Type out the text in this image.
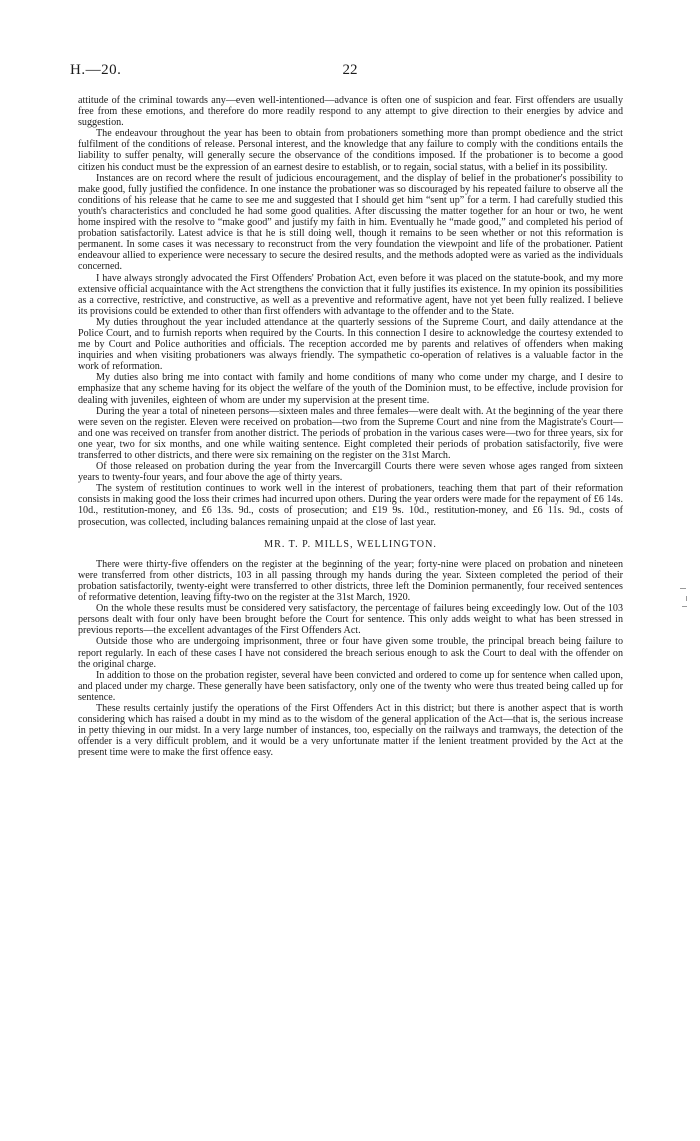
H.—20.	22

attitude of the criminal towards any—even well-intentioned—advance is often one of suspicion and fear. First offenders are usually free from these emotions, and therefore do more readily respond to any attempt to give direction to their energies by advice and suggestion.

The endeavour throughout the year has been to obtain from probationers something more than prompt obedience and the strict fulfilment of the conditions of release. Personal interest, and the knowledge that any failure to comply with the conditions entails the liability to suffer penalty, will generally secure the observance of the conditions imposed. If the probationer is to become a good citizen his conduct must be the expression of an earnest desire to establish, or to regain, social status, with a belief in its possibility.

Instances are on record where the result of judicious encouragement, and the display of belief in the probationer's possibility to make good, fully justified the confidence. In one instance the probationer was so discouraged by his repeated failure to observe all the conditions of his release that he came to see me and suggested that I should get him “sent up” for a term. I had carefully studied this youth's characteristics and concluded he had some good qualities. After discussing the matter together for an hour or two, he went home inspired with the resolve to “make good” and justify my faith in him. Eventually he “made good,” and completed his period of probation satisfactorily. Latest advice is that he is still doing well, though it remains to be seen whether or not this reformation is permanent. In some cases it was necessary to reconstruct from the very foundation the viewpoint and life of the probationer. Patient endeavour allied to experience were necessary to secure the desired results, and the methods adopted were as varied as the individuals concerned.

I have always strongly advocated the First Offenders' Probation Act, even before it was placed on the statute-book, and my more extensive official acquaintance with the Act strengthens the conviction that it fully justifies its existence. In my opinion its possibilities as a corrective, restrictive, and constructive, as well as a preventive and reformative agent, have not yet been fully realized. I believe its provisions could be extended to other than first offenders with advantage to the offender and to the State.

My duties throughout the year included attendance at the quarterly sessions of the Supreme Court, and daily attendance at the Police Court, and to furnish reports when required by the Courts. In this connection I desire to acknowledge the courtesy extended to me by Court and Police authorities and officials. The reception accorded me by parents and relatives of offenders when making inquiries and when visiting probationers was always friendly. The sympathetic co-operation of relatives is a valuable factor in the work of reformation.

My duties also bring me into contact with family and home conditions of many who come under my charge, and I desire to emphasize that any scheme having for its object the welfare of the youth of the Dominion must, to be effective, include provision for dealing with juveniles, eighteen of whom are under my supervision at the present time.

During the year a total of nineteen persons—sixteen males and three females—were dealt with. At the beginning of the year there were seven on the register. Eleven were received on probation—two from the Supreme Court and nine from the Magistrate's Court—and one was received on transfer from another district. The periods of probation in the various cases were—two for three years, six for one year, two for six months, and one while waiting sentence. Eight completed their periods of probation satisfactorily, five were transferred to other districts, and there were six remaining on the register on the 31st March.

Of those released on probation during the year from the Invercargill Courts there were seven whose ages ranged from sixteen years to twenty-four years, and four above the age of thirty years.

The system of restitution continues to work well in the interest of probationers, teaching them that part of their reformation consists in making good the loss their crimes had incurred upon others. During the year orders were made for the repayment of £6 14s. 10d., restitution-money, and £6 13s. 9d., costs of prosecution; and £19 9s. 10d., restitution-money, and £6 11s. 9d., costs of prosecution, was collected, including balances remaining unpaid at the close of last year.

MR. T. P. MILLS, WELLINGTON.

There were thirty-five offenders on the register at the beginning of the year; forty-nine were placed on probation and nineteen were transferred from other districts, 103 in all passing through my hands during the year. Sixteen completed the period of their probation satisfactorily, twenty-eight were transferred to other districts, three left the Dominion permanently, four received sentences of reformative detention, leaving fifty-two on the register at the 31st March, 1920.

On the whole these results must be considered very satisfactory, the percentage of failures being exceedingly low. Out of the 103 persons dealt with four only have been brought before the Court for sentence. This only adds weight to what has been stressed in previous reports—the excellent advantages of the First Offenders Act.

Outside those who are undergoing imprisonment, three or four have given some trouble, the principal breach being failure to report regularly. In each of these cases I have not considered the breach serious enough to ask the Court to deal with the offender on the original charge.

In addition to those on the probation register, several have been convicted and ordered to come up for sentence when called upon, and placed under my charge. These generally have been satisfactory, only one of the twenty who were thus treated being called up for sentence.

These results certainly justify the operations of the First Offenders Act in this district; but there is another aspect that is worth considering which has raised a doubt in my mind as to the wisdom of the general application of the Act—that is, the serious increase in petty thieving in our midst. In a very large number of instances, too, especially on the railways and tramways, the detection of the offender is a very difficult problem, and it would be a very unfortunate matter if the lenient treatment provided by the Act at the present time were to make the first offence easy.
